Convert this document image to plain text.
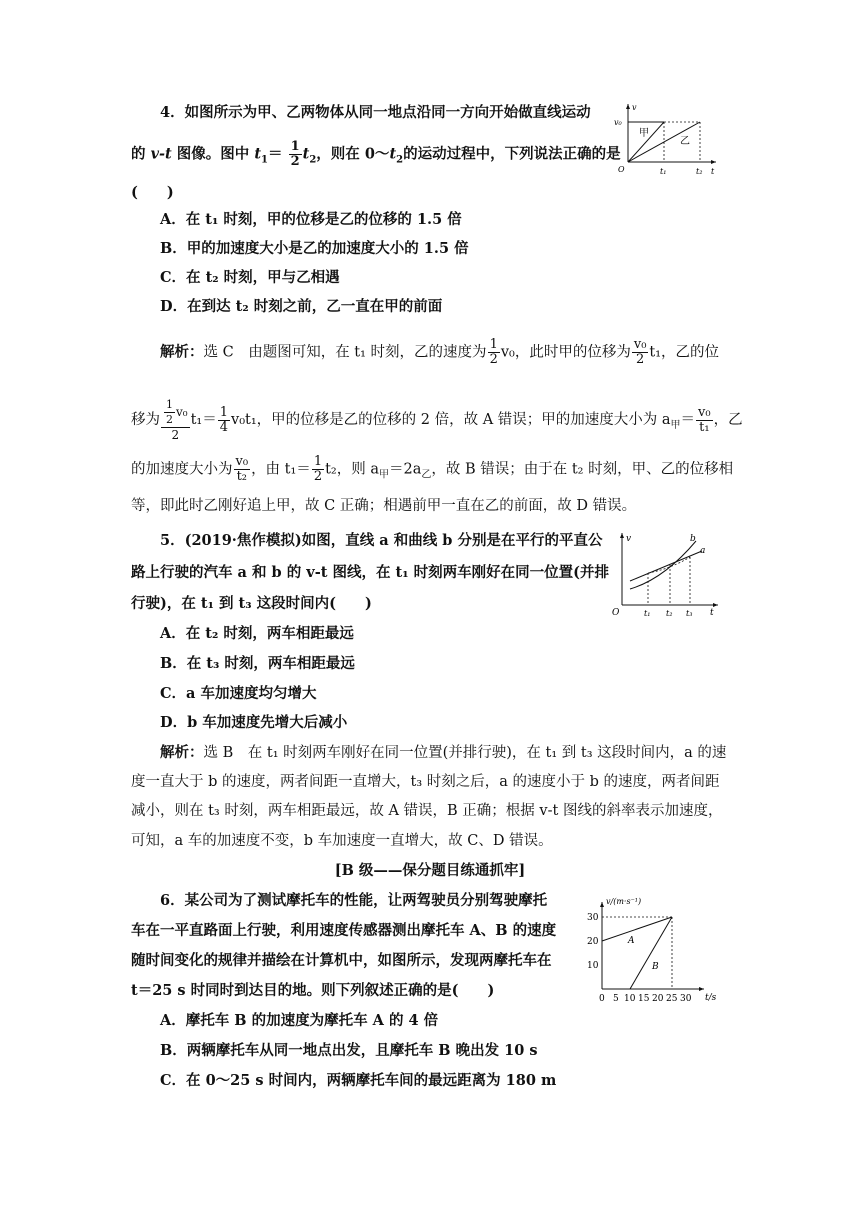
4．如图所示为甲、乙两物体从同一地点沿同一方向开始做直线运动
的 v-t 图像。图中 $t_1= \frac{1}{2} t_2$，则在 $0\sim t_2$的运动过程中，下列说法正确的是
(　　)
A．在 t₁ 时刻，甲的位移是乙的位移的 1.5 倍
B．甲的加速度大小是乙的加速度大小的 1.5 倍
C．在 t₂ 时刻，甲与乙相遇
D．在到达 t₂ 时刻之前，乙一直在甲的前面
解析：选 C　由题图可知，在 t₁ 时刻，乙的速度为 $\frac{1}{2} v_0$，此时甲的位移为 $\frac{\text{v₀}}{2} t_1$，乙的位
移为 $\frac{\frac{1}{2} v_0}{2} t_1= \frac{1}{4} v_0t_1$，甲的位移是乙的位移的 2 倍，故 A 错误；甲的加速度大小为 $a_甲= \frac{\text{v₀}}{\text{t₁}}$ ，乙
的加速度大小为 $\frac{\text{v₀}}{\text{t₂}}$ ，由 $t_1= \frac{1}{2} t_2$，则 $a_甲=2a_乙$，故 B 错误；由于在 t₂ 时刻，甲、乙的位移相
等，即此时乙刚好追上甲，故 C 正确；相遇前甲一直在乙的前面，故 D 错误。
v
t
v₀
O	t₁	t₂
甲
乙
5．(2019·焦作模拟)如图，直线 a 和曲线 b 分别是在平行的平直公
路上行驶的汽车 a 和 b 的 v-t 图线，在 t₁ 时刻两车刚好在同一位置(并排
行驶)，在 t₁ 到 t₃ 这段时间内(　　)
A．在 t₂ 时刻，两车相距最远
B．在 t₃ 时刻，两车相距最远
C．a 车加速度均匀增大
D．b 车加速度先增大后减小
解析：选 B　在 t₁ 时刻两车刚好在同一位置(并排行驶)，在 t₁ 到 t₃ 这段时间内，a 的速
度一直大于 b 的速度，两者间距一直增大，t₃ 时刻之后，a 的速度小于 b 的速度，两者间距
减小，则在 t₃ 时刻，两车相距最远，故 A 错误，B 正确；根据 v-t 图线的斜率表示加速度，
可知，a 车的加速度不变，b 车加速度一直增大，故 C、D 错误。
v
t
O	t₁ t₂ t₃
a
b
[B 级——保分题目练通抓牢]
6．某公司为了测试摩托车的性能，让两驾驶员分别驾驶摩托
车在一平直路面上行驶，利用速度传感器测出摩托车 A、B 的速度
随时间变化的规律并描绘在计算机中，如图所示，发现两摩托车在
t＝25 s 时同时到达目的地。则下列叙述正确的是(　　)
A．摩托车 B 的加速度为摩托车 A 的 4 倍
B．两辆摩托车从同一地点出发，且摩托车 B 晚出发 10 s
C．在 0～25 s 时间内，两辆摩托车间的最远距离为 180 m
v/(m·s⁻¹)
t/s
30
20
10
0 5 10 15 20 25 30
A
B
